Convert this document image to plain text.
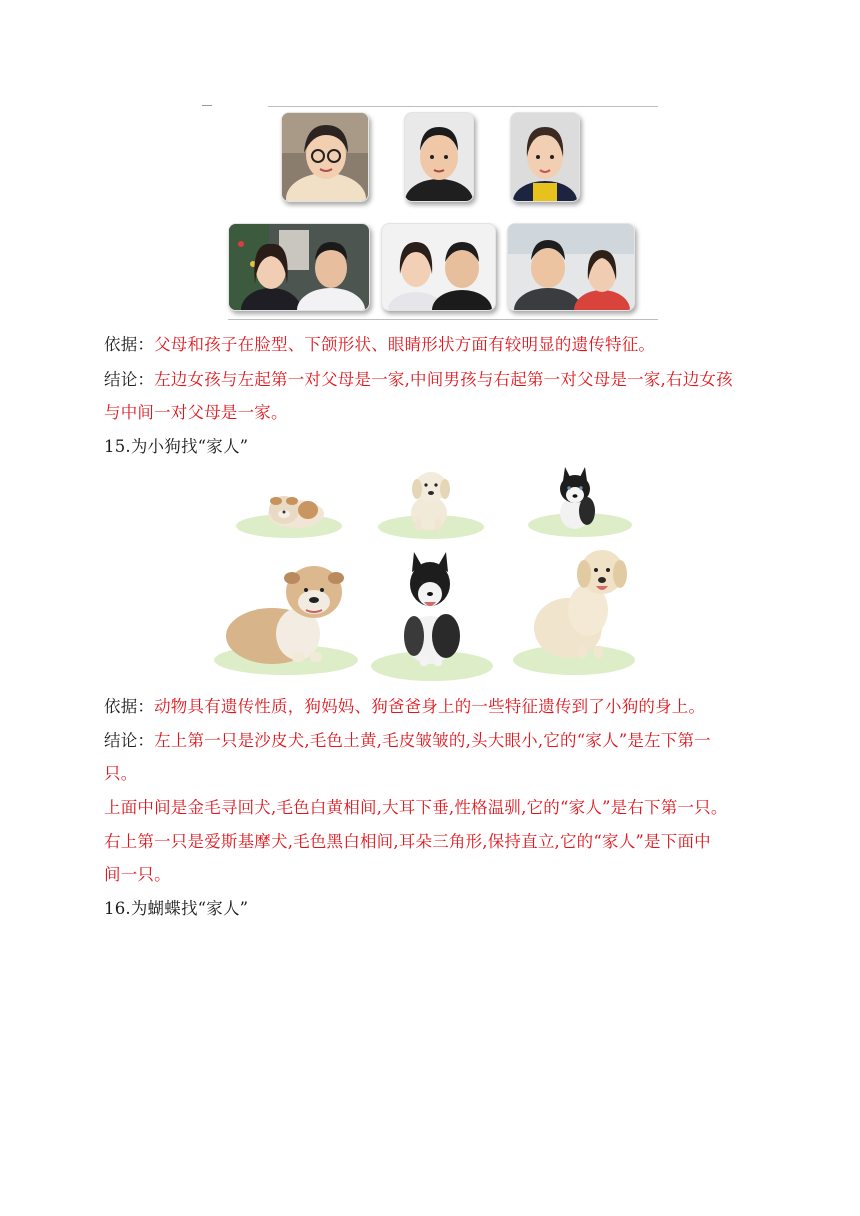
依据：父母和孩子在脸型、下颌形状、眼睛形状方面有较明显的遗传特征。
结论：左边女孩与左起第一对父母是一家,中间男孩与右起第一对父母是一家,右边女孩
与中间一对父母是一家。
15.为小狗找“家人”
依据：动物具有遗传性质，狗妈妈、狗爸爸身上的一些特征遗传到了小狗的身上。
结论：左上第一只是沙皮犬,毛色土黄,毛皮皱皱的,头大眼小,它的“家人”是左下第一
只。
上面中间是金毛寻回犬,毛色白黄相间,大耳下垂,性格温驯,它的“家人”是右下第一只。
右上第一只是爱斯基摩犬,毛色黑白相间,耳朵三角形,保持直立,它的“家人”是下面中
间一只。
16.为蝴蝶找“家人”
